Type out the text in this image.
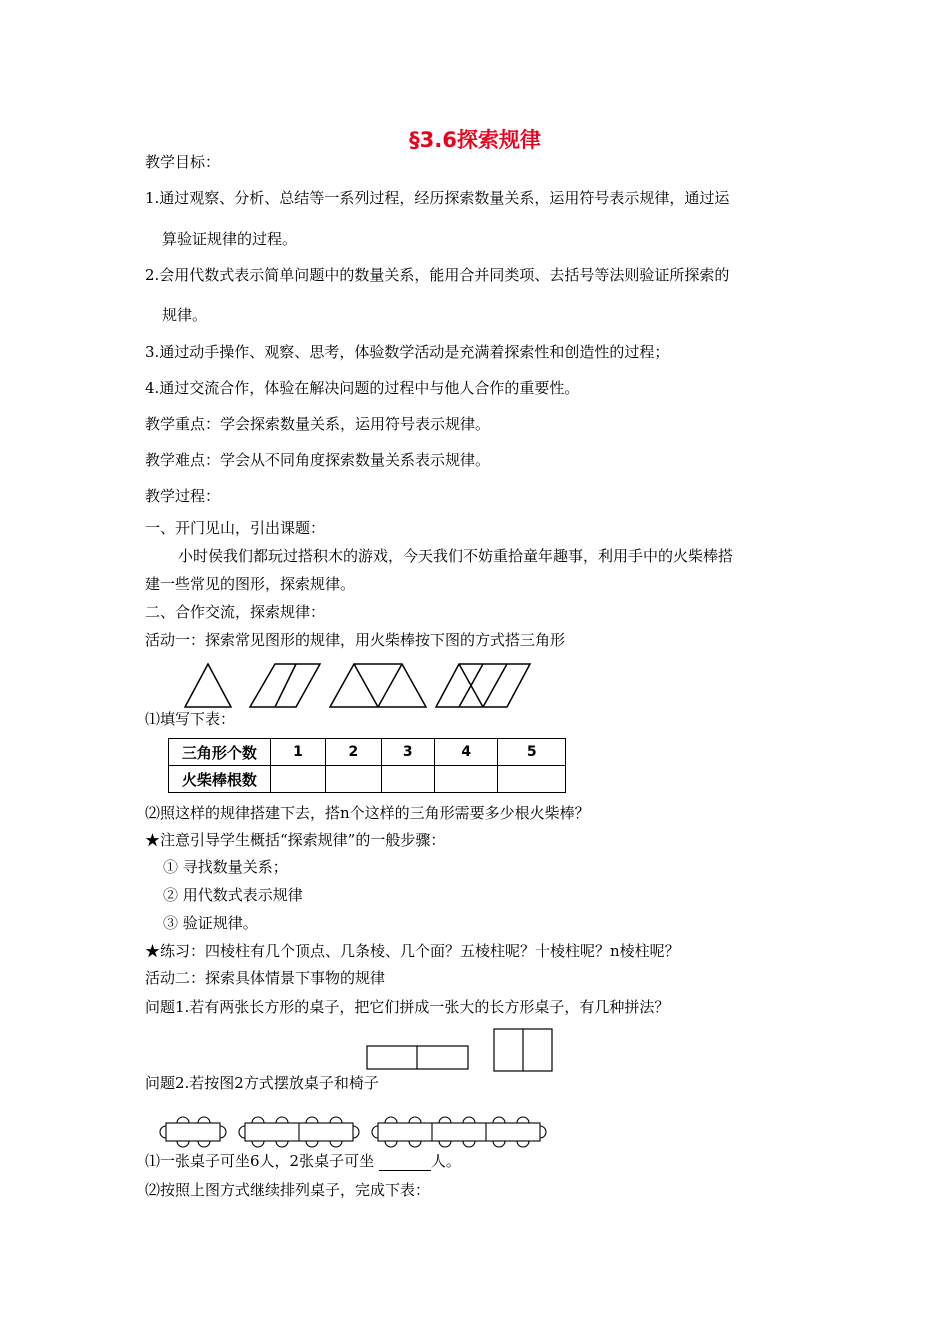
§3.6探索规律
教学目标：
1.通过观察、分析、总结等一系列过程，经历探索数量关系，运用符号表示规律，通过运
算验证规律的过程。
2.会用代数式表示简单问题中的数量关系，能用合并同类项、去括号等法则验证所探索的
规律。
3.通过动手操作、观察、思考，体验数学活动是充满着探索性和创造性的过程；
4.通过交流合作，体验在解决问题的过程中与他人合作的重要性。
教学重点：学会探索数量关系，运用符号表示规律。
教学难点：学会从不同角度探索数量关系表示规律。
教学过程：
一、开门见山，引出课题：
小时侯我们都玩过搭积木的游戏，今天我们不妨重拾童年趣事，利用手中的火柴棒搭
建一些常见的图形，探索规律。
二、合作交流，探索规律：
活动一：探索常见图形的规律，用火柴棒按下图的方式搭三角形
⑴填写下表：
三角形个数	1	2	3	4	5
火柴棒根数					
⑵照这样的规律搭建下去，搭n个这样的三角形需要多少根火柴棒？
★注意引导学生概括“探索规律”的一般步骤：
① 寻找数量关系；
② 用代数式表示规律
③ 验证规律。
★练习：四棱柱有几个顶点、几条棱、几个面？五棱柱呢？十棱柱呢？n棱柱呢？
活动二：探索具体情景下事物的规律
问题1.若有两张长方形的桌子，把它们拼成一张大的长方形桌子，有几种拼法？
问题2.若按图2方式摆放桌子和椅子
⑴一张桌子可坐6人，2张桌子可坐	人。
⑵按照上图方式继续排列桌子，完成下表：
